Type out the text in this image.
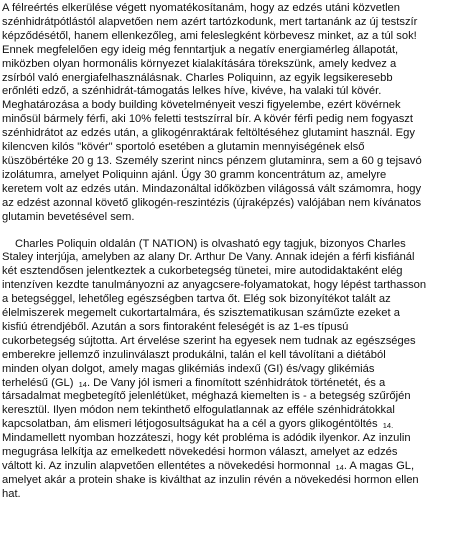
A félreértés elkerülése végett nyomatékosítanám, hogy az edzés utáni közvetlen
szénhidrátpótlástól alapvetően nem azért tartózkodunk, mert tartanánk az új testszír
képződésétől, hanem ellenkezőleg, ami feleslegként körbevesz minket, az a túl sok!
Ennek megfelelően egy ideig még fenntartjuk a negatív energiamérleg állapotát,
miközben olyan hormonális környezet kialakítására törekszünk, amely kedvez a
zsírból való energiafelhasználásnak. Charles Poliquinn, az egyik legsikeresebb
erőnléti edző, a szénhidrát-támogatás lelkes híve, kivéve, ha valaki túl kövér.
Meghatározása a body building követelményeit veszi figyelembe, ezért kövérnek
minősül bármely férfi, aki 10% feletti testszírral bír. A kövér férfi pedig nem fogyaszt
szénhidrátot az edzés után, a glikogénraktárak feltöltéséhez glutamint használ. Egy
kilencven kilós "kövér" sportoló esetében a glutamin mennyiségének első
küszöbértéke 20 g 13. Személy szerint nincs pénzem glutaminra, sem a 60 g tejsavó
izolátumra, amelyet Poliquinn ajánl. Úgy 30 gramm koncentrátum az, amelyre
keretem volt az edzés után. Mindazonáltal időközben világossá vált számomra, hogy
az edzést azonnal követő glikogén-reszintézis (újraképzés) valójában nem kívánatos
glutamin bevetésével sem.
Charles Poliquin oldalán (T NATION) is olvasható egy tagjuk, bizonyos Charles
Staley interjúja, amelyben az alany Dr. Arthur De Vany. Annak idején a férfi kisfiánál
két esztendősen jelentkeztek a cukorbetegség tünetei, mire autodidaktaként elég
intenzíven kezdte tanulmányozni az anyagcsere-folyamatokat, hogy lépést tarthasson
a betegséggel, lehetőleg egészségben tartva őt. Elég sok bizonyítékot talált az
élelmiszerek megemelt cukortartalmára, és szisztematikusan száműzte ezeket a
kisfiú étrendjéből. Azután a sors fintoraként feleségét is az 1-es típusú
cukorbetegség sújtotta. Art érvelése szerint ha egyesek nem tudnak az egészséges
emberekre jellemző inzulinválaszt produkálni, talán el kell távolítani a diétából
minden olyan dolgot, amely magas glikémiás indexű (GI) és/vagy glikémiás
terhelésű (GL) $_{14}$. De Vany jól ismeri a finomított szénhidrátok történetét, és a
társadalmat megbetegítő jelenlétüket, méghazá kiemelten is - a betegség szűrőjén
keresztül. Ilyen módon nem tekinthető elfogulatlannak az efféle szénhidrátokkal
kapcsolatban, ám elismeri létjogosultságukat ha a cél a gyors glikogéntöltés $_{14.}$
Mindamellett nyomban hozzáteszi, hogy két probléma is adódik ilyenkor. Az inzulin
megugrása lelkítja az emelkedett növekedési hormon választ, amelyet az edzés
váltott ki. Az inzulin alapvetően ellentétes a növekedési hormonnal $_{14}$. A magas GL,
amelyet akár a protein shake is kiválthat az inzulin révén a növekedési hormon ellen
hat.
